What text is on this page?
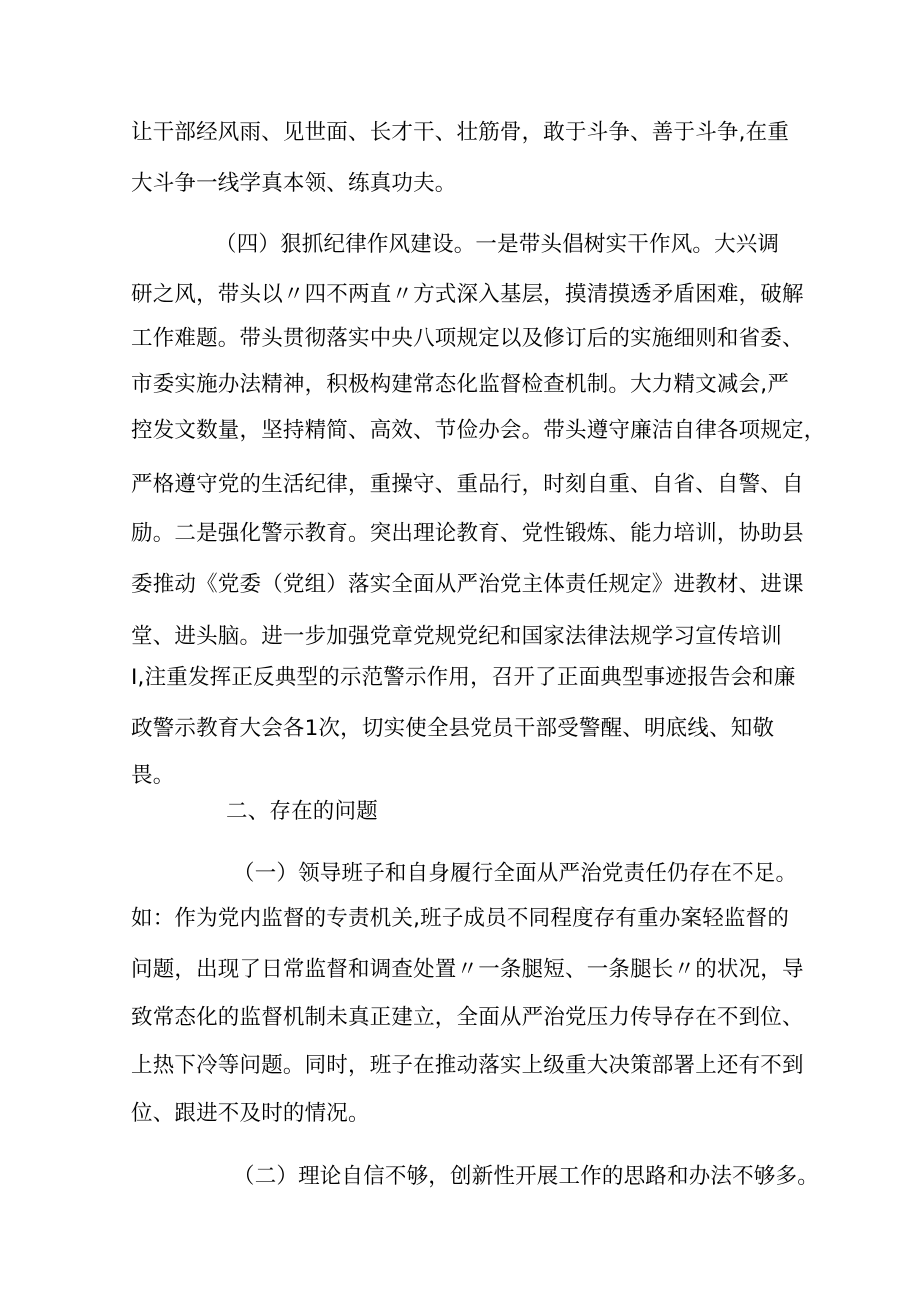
让干部经风雨、见世面、长才干、壮筋骨，敢于斗争、善于斗争,在重

大斗争一线学真本领、练真功夫。

（四）狠抓纪律作风建设。一是带头倡树实干作风。大兴调

研之风，带头以〃四不两直〃方式深入基层，摸清摸透矛盾困难，破解

工作难题。带头贯彻落实中央八项规定以及修订后的实施细则和省委、

市委实施办法精神，积极构建常态化监督检查机制。大力精文减会,严

控发文数量，坚持精简、高效、节俭办会。带头遵守廉洁自律各项规定，

严格遵守党的生活纪律，重操守、重品行，时刻自重、自省、自警、自

励。二是强化警示教育。突出理论教育、党性锻炼、能力培训，协助县

委推动《党委（党组）落实全面从严治党主体责任规定》进教材、进课

堂、进头脑。进一步加强党章党规党纪和国家法律法规学习宣传培训

I,注重发挥正反典型的示范警示作用，召开了正面典型事迹报告会和廉

政警示教育大会各1次，切实使全县党员干部受警醒、明底线、知敬

畏。

二、存在的问题

（一）领导班子和自身履行全面从严治党责任仍存在不足。

如：作为党内监督的专责机关,班子成员不同程度存有重办案轻监督的

问题，出现了日常监督和调查处置〃一条腿短、一条腿长〃的状况，导

致常态化的监督机制未真正建立，全面从严治党压力传导存在不到位、

上热下冷等问题。同时，班子在推动落实上级重大决策部署上还有不到

位、跟进不及时的情况。

（二）理论自信不够，创新性开展工作的思路和办法不够多。
